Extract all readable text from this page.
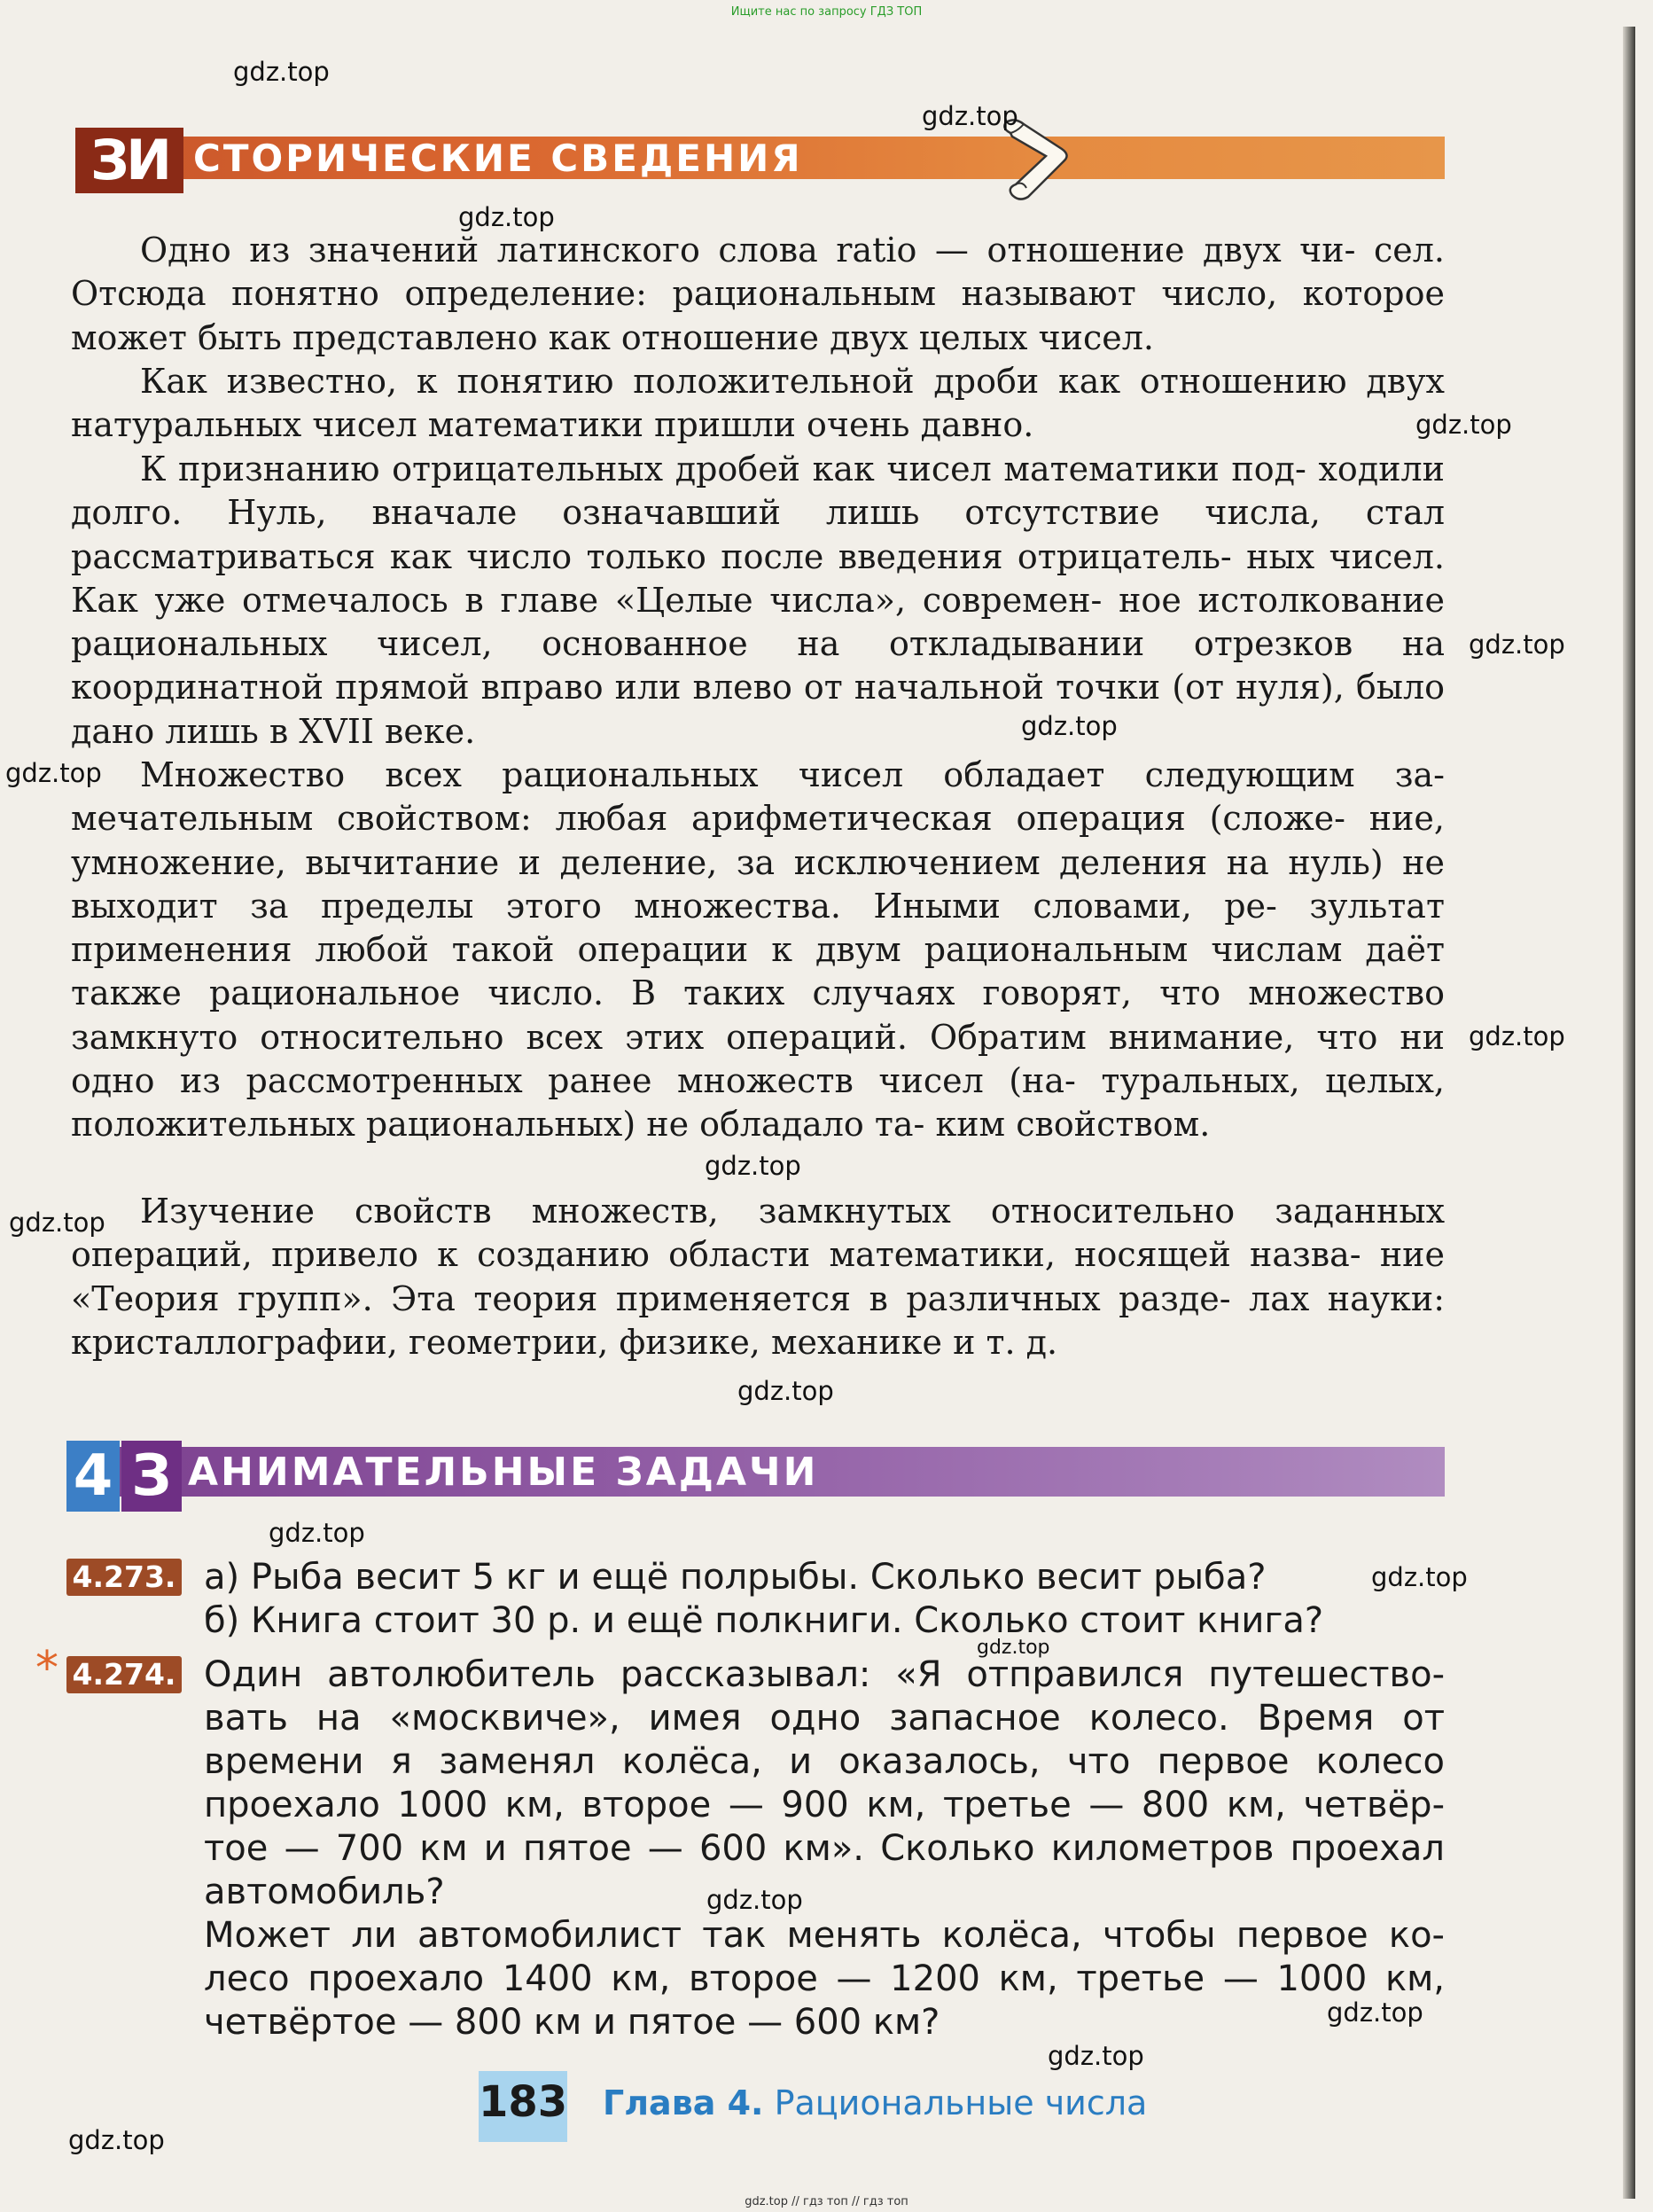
Ищите нас по запросу ГДЗ ТОП
ЗИ СТОРИЧЕСКИЕ СВЕДЕНИЯ
Одно из значений латинского слова ratio — отношение двух чи- сел. Отсюда понятно определение: рациональным называют число, которое может быть представлено как отношение двух целых чисел.
Как известно, к понятию положительной дроби как отношению двух натуральных чисел математики пришли очень давно.
К признанию отрицательных дробей как чисел математики под- ходили долго. Нуль, вначале означавший лишь отсутствие числа, стал рассматриваться как число только после введения отрицатель- ных чисел. Как уже отмечалось в главе «Целые числа», современ- ное истолкование рациональных чисел, основанное на откладывании отрезков на координатной прямой вправо или влево от начальной точки (от нуля), было дано лишь в XVII веке.
Множество всех рациональных чисел обладает следующим за- мечательным свойством: любая арифметическая операция (сложе- ние, умножение, вычитание и деление, за исключением деления на нуль) не выходит за пределы этого множества. Иными словами, ре- зультат применения любой такой операции к двум рациональным числам даёт также рациональное число. В таких случаях говорят, что множество замкнуто относительно всех этих операций. Обратим внимание, что ни одно из рассмотренных ранее множеств чисел (на- туральных, целых, положительных рациональных) не обладало та- ким свойством.
Изучение свойств множеств, замкнутых относительно заданных операций, привело к созданию области математики, носящей назва- ние «Теория групп». Эта теория применяется в различных разде- лах науки: кристаллографии, геометрии, физике, механике и т. д.
4 З АНИМАТЕЛЬНЫЕ ЗАДАЧИ
4.273. а) Рыба весит 5 кг и ещё полрыбы. Сколько весит рыба?
б) Книга стоит 30 р. и ещё полкниги. Сколько стоит книга?
* 4.274. Один автолюбитель рассказывал: «Я отправился путешество-
вать на «москвиче», имея одно запасное колесо. Время от
времени я заменял колёса, и оказалось, что первое колесо
проехало 1000 км, второе — 900 км, третье — 800 км, четвёр-
тое — 700 км и пятое — 600 км». Сколько километров проехал
автомобиль?
Может ли автомобилист так менять колёса, чтобы первое ко-
лесо проехало 1400 км, второе — 1200 км, третье — 1000 км,
четвёртое — 800 км и пятое — 600 км?
183 Глава 4. Рациональные числа
gdz.top // гдз топ // гдз топ
gdz.top
gdz.top
gdz.top
gdz.top
gdz.top
gdz.top
gdz.top
gdz.top
gdz.top
gdz.top
gdz.top
gdz.top
gdz.top
gdz.top
gdz.top
gdz.top
gdz.top
gdz.top
